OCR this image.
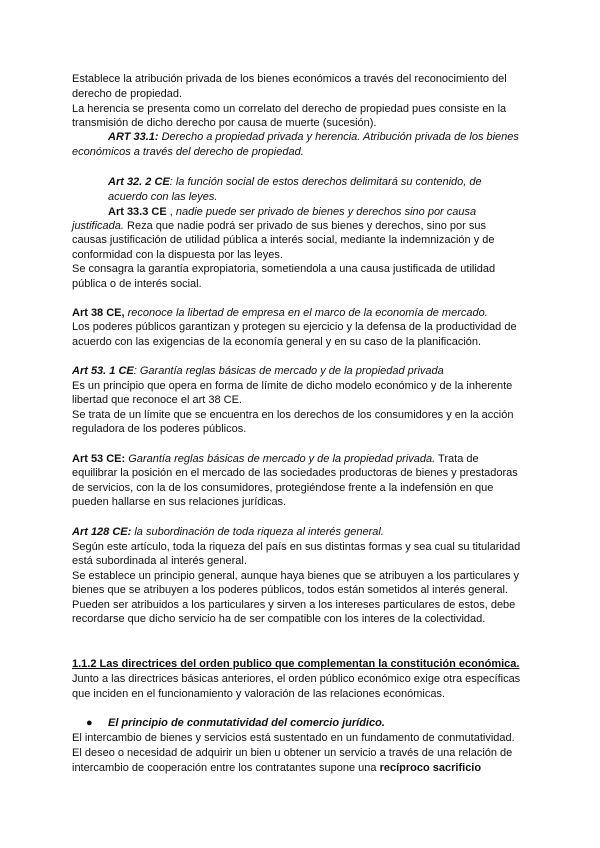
Establece la atribución privada de los bienes económicos a través del reconocimiento del
derecho de propiedad.
La herencia se presenta como un correlato del derecho de propiedad pues consiste en la
transmisión de dicho derecho por causa de muerte (sucesión).
ART 33.1: Derecho a propiedad privada y herencia. Atribución privada de los bienes
económicos a través del derecho de propiedad.
Art 32. 2 CE: la función social de estos derechos delimitará su contenido, de
acuerdo con las leyes.
Art 33.3 CE , nadie puede ser privado de bienes y derechos sino por causa
justificada. Reza que nadie podrá ser privado de sus bienes y derechos, sino por sus
causas justificación de utilidad pública a interés social, mediante la indemnización y de
conformidad con la dispuesta por las leyes.
Se consagra la garantía expropiatoria, sometiendola a una causa justificada de utilidad
pública o de interés social.
Art 38 CE, reconoce la libertad de empresa en el marco de la economía de mercado.
Los poderes públicos garantizan y protegen su ejercicio y la defensa de la productividad de
acuerdo con las exigencias de la economía general y en su caso de la planificación.
Art 53. 1 CE: Garantía reglas básicas de mercado y de la propiedad privada
Es un principio que opera en forma de límite de dicho modelo económico y de la inherente
libertad que reconoce el art 38 CE.
Se trata de un límite que se encuentra en los derechos de los consumidores y en la acción
reguladora de los poderes públicos.
Art 53 CE: Garantía reglas básicas de mercado y de la propiedad privada. Trata de
equilibrar la posición en el mercado de las sociedades productoras de bienes y prestadoras
de servicios, con la de los consumidores, protegiéndose frente a la indefensión en que
pueden hallarse en sus relaciones jurídicas.
Art 128 CE: la subordinación de toda riqueza al interés general.
Según este artículo, toda la riqueza del país en sus distintas formas y sea cual su titularidad
está subordinada al interés general.
Se establece un principio general, aunque haya bienes que se atribuyen a los particulares y
bienes que se atribuyen a los poderes públicos, todos están sometidos al interés general.
Pueden ser atribuidos a los particulares y sirven a los intereses particulares de estos, debe
recordarse que dicho servicio ha de ser compatible con los interes de la colectividad.
1.1.2 Las directrices del orden publico que complementan la constitución económica.
Junto a las directrices básicas anteriores, el orden público económico exige otra específicas
que inciden en el funcionamiento y valoración de las relaciones económicas.
● El principio de conmutatividad del comercio jurídico.
El intercambio de bienes y servicios está sustentado en un fundamento de conmutatividad.
El deseo o necesidad de adquirir un bien u obtener un servicio a través de una relación de
intercambio de cooperación entre los contratantes supone una recíproco sacrificio
